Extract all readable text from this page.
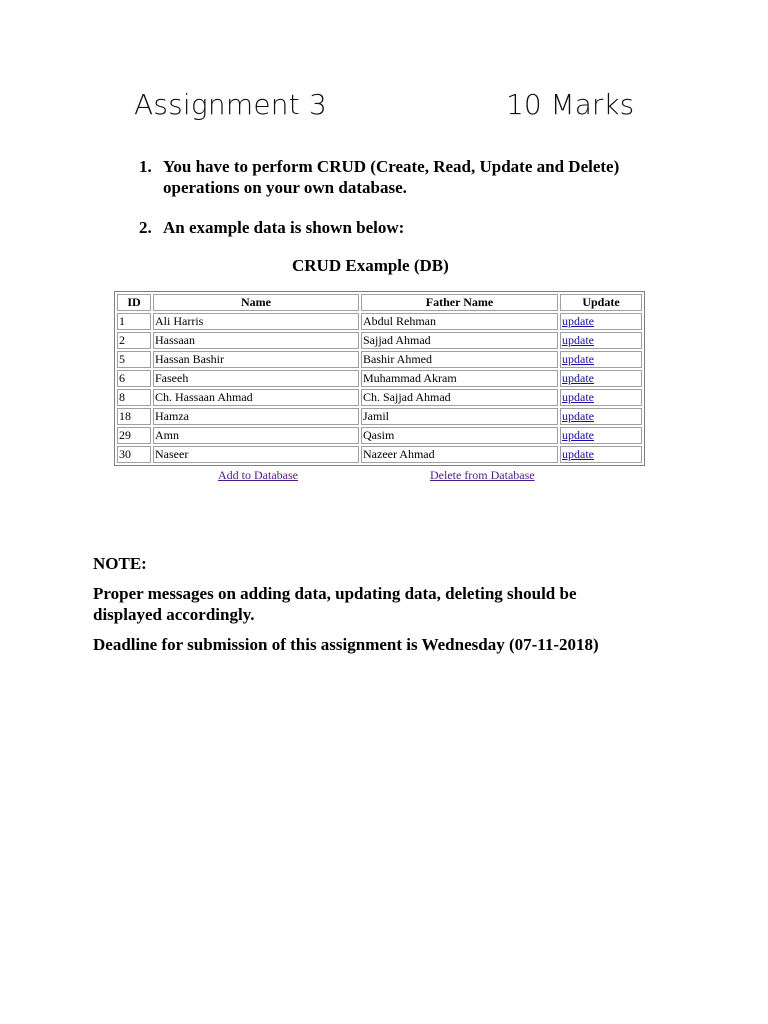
Assignment 3	10 Marks
1. You have to perform CRUD (Create, Read, Update and Delete) operations on your own database.
2. An example data is shown below:
CRUD Example (DB)
ID	Name	Father Name	Update
1	Ali Harris	Abdul Rehman	update
2	Hassaan	Sajjad Ahmad	update
5	Hassan Bashir	Bashir Ahmed	update
6	Faseeh	Muhammad Akram	update
8	Ch. Hassaan Ahmad	Ch. Sajjad Ahmad	update
18	Hamza	Jamil	update
29	Amn	Qasim	update
30	Naseer	Nazeer Ahmad	update
Add to Database	Delete from Database
NOTE:
Proper messages on adding data, updating data, deleting should be displayed accordingly.
Deadline for submission of this assignment is Wednesday (07-11-2018)
